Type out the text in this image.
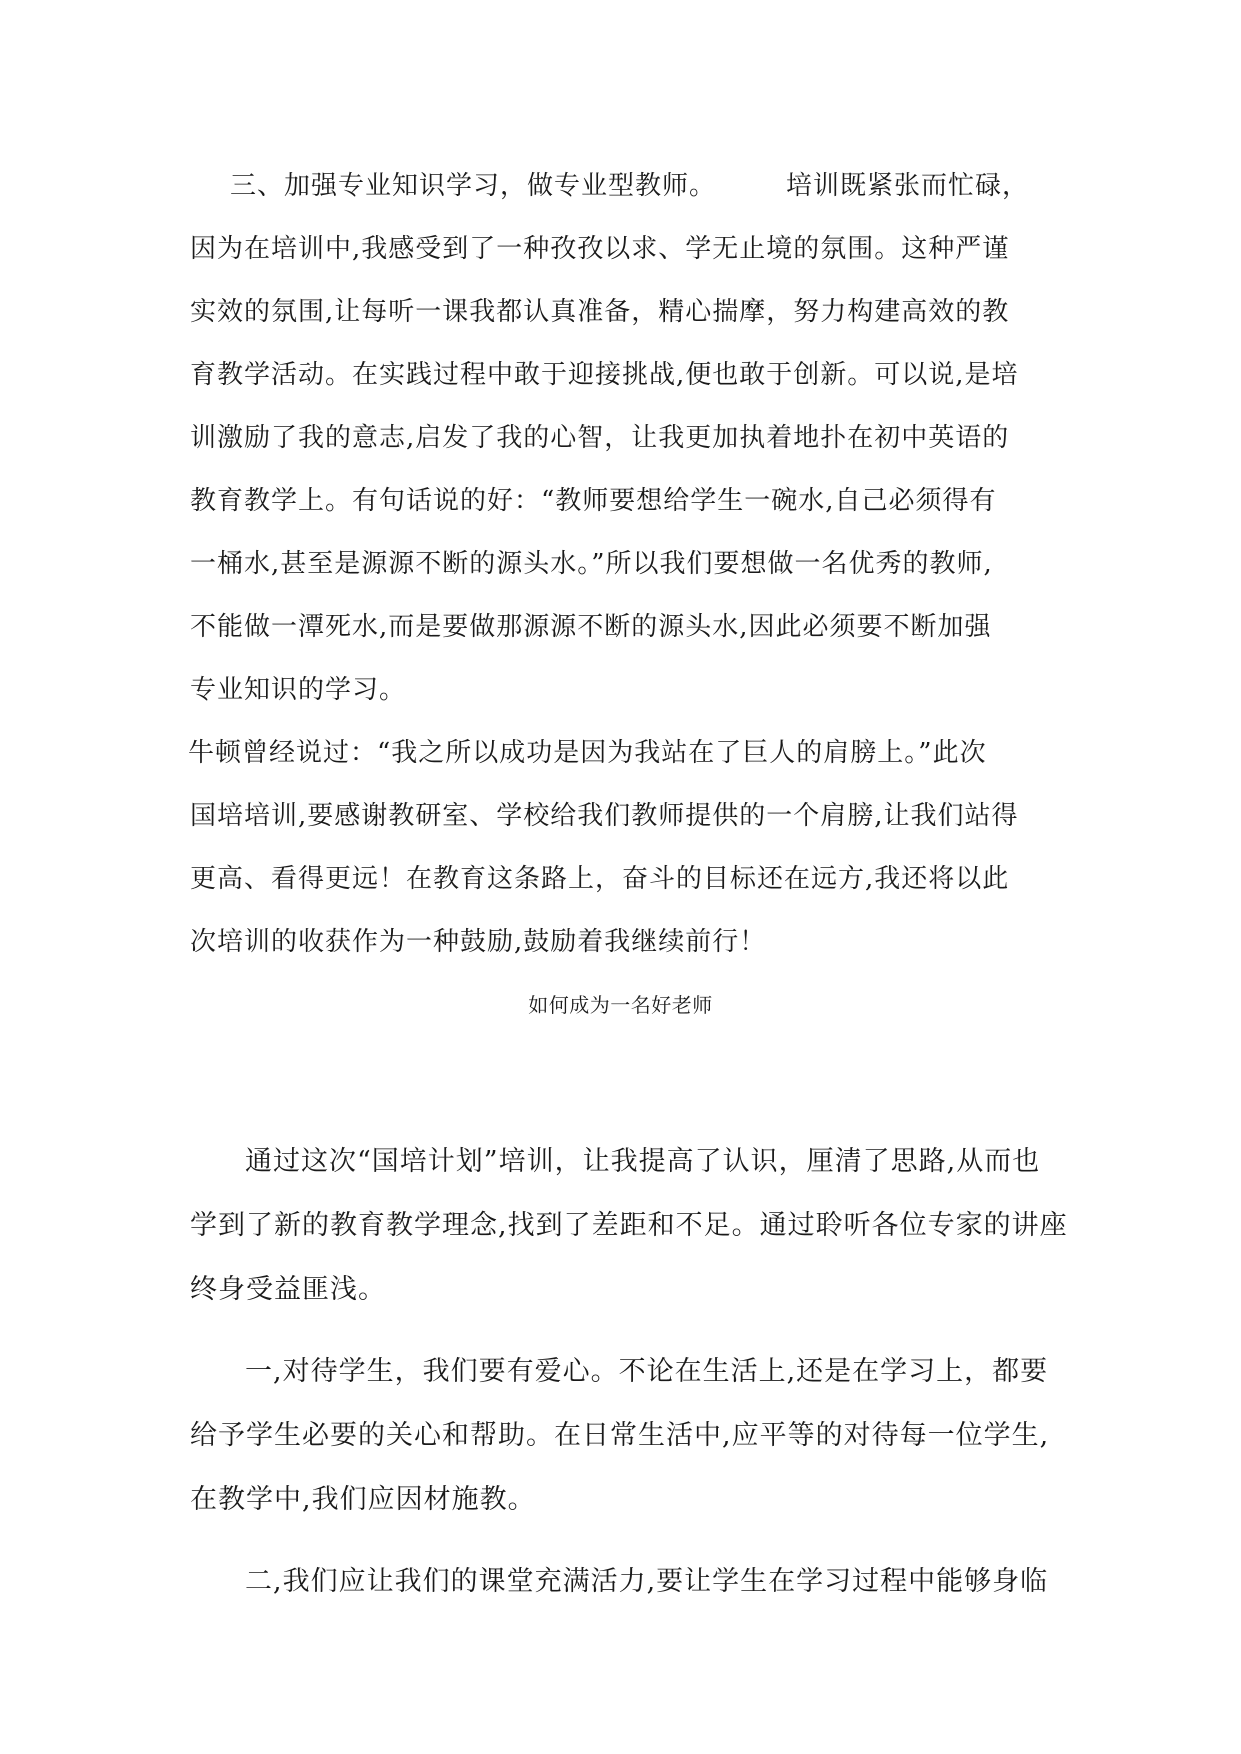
三、加强专业知识学习，做专业型教师。	培训既紧张而忙碌，
因为在培训中,我感受到了一种孜孜以求、学无止境的氛围。这种严谨
实效的氛围,让每听一课我都认真准备，精心揣摩，努力构建高效的教
育教学活动。在实践过程中敢于迎接挑战,便也敢于创新。可以说,是培
训激励了我的意志,启发了我的心智，让我更加执着地扑在初中英语的
教育教学上。有句话说的好：“教师要想给学生一碗水,自己必须得有
一桶水,甚至是源源不断的源头水。”所以我们要想做一名优秀的教师,
不能做一潭死水,而是要做那源源不断的源头水,因此必须要不断加强
专业知识的学习。
牛顿曾经说过：“我之所以成功是因为我站在了巨人的肩膀上。”此次
国培培训,要感谢教研室、学校给我们教师提供的一个肩膀,让我们站得
更高、看得更远！在教育这条路上，奋斗的目标还在远方,我还将以此
次培训的收获作为一种鼓励,鼓励着我继续前行！
如何成为一名好老师
通过这次“国培计划”培训，让我提高了认识，厘清了思路,从而也
学到了新的教育教学理念,找到了差距和不足。通过聆听各位专家的讲座
终身受益匪浅。
一,对待学生，我们要有爱心。不论在生活上,还是在学习上，都要
给予学生必要的关心和帮助。在日常生活中,应平等的对待每一位学生,
在教学中,我们应因材施教。
二,我们应让我们的课堂充满活力,要让学生在学习过程中能够身临
